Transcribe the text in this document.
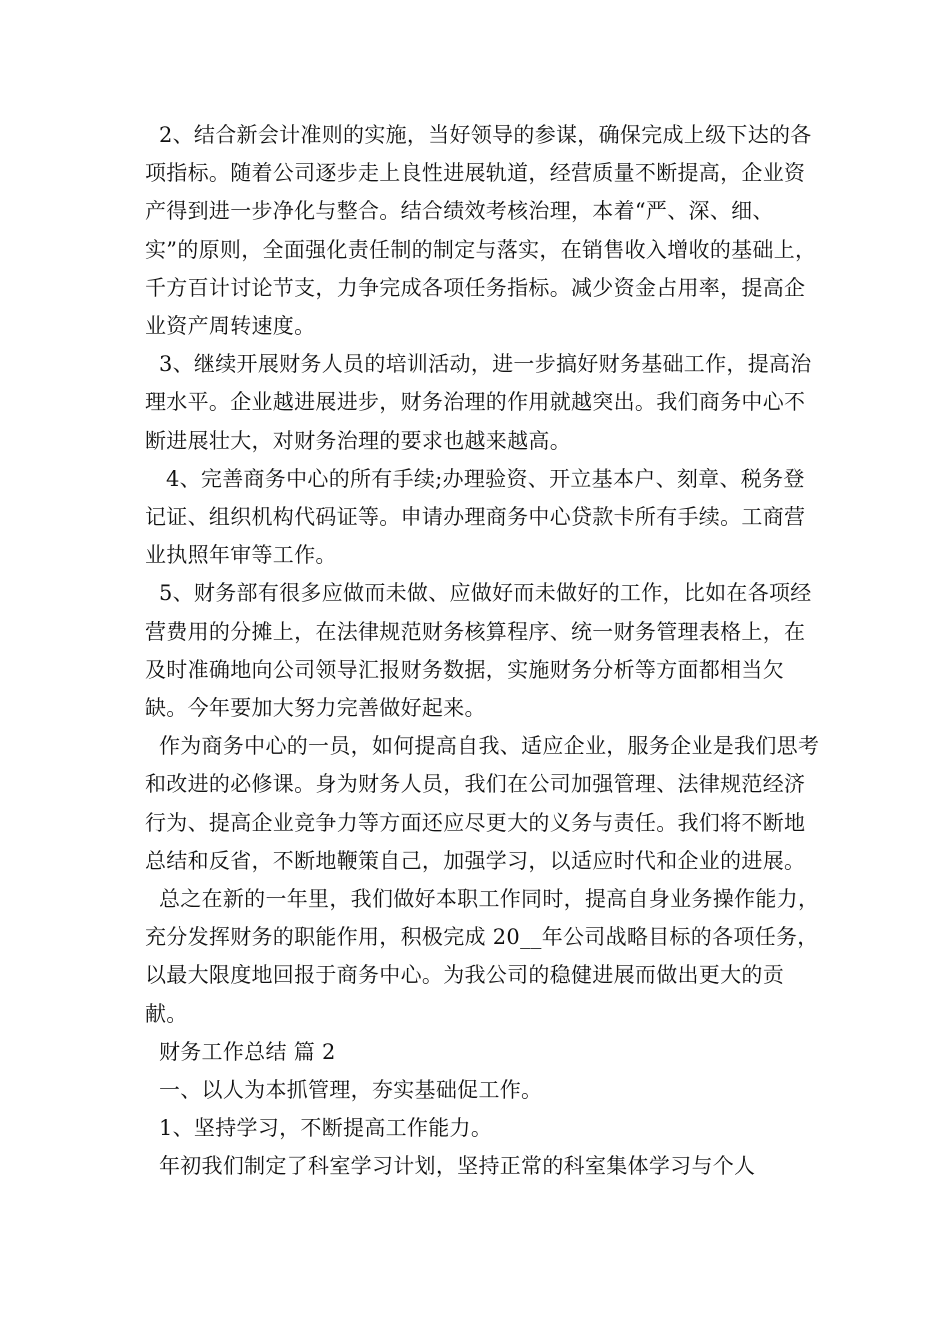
2、结合新会计准则的实施，当好领导的参谋，确保完成上级下达的各项指标。随着公司逐步走上良性进展轨道，经营质量不断提高，企业资产得到进一步净化与整合。结合绩效考核治理，本着“严、深、细、实”的原则，全面强化责任制的制定与落实，在销售收入增收的基础上，千方百计讨论节支，力争完成各项任务指标。减少资金占用率，提高企业资产周转速度。

3、继续开展财务人员的培训活动，进一步搞好财务基础工作，提高治理水平。企业越进展进步，财务治理的作用就越突出。我们商务中心不断进展壮大，对财务治理的要求也越来越高。

4、完善商务中心的所有手续;办理验资、开立基本户、刻章、税务登记证、组织机构代码证等。申请办理商务中心贷款卡所有手续。工商营业执照年审等工作。

5、财务部有很多应做而未做、应做好而未做好的工作，比如在各项经营费用的分摊上，在法律规范财务核算程序、统一财务管理表格上，在及时准确地向公司领导汇报财务数据，实施财务分析等方面都相当欠缺。今年要加大努力完善做好起来。

作为商务中心的一员，如何提高自我、适应企业，服务企业是我们思考和改进的必修课。身为财务人员，我们在公司加强管理、法律规范经济行为、提高企业竞争力等方面还应尽更大的义务与责任。我们将不断地总结和反省，不断地鞭策自己，加强学习，以适应时代和企业的进展。

总之在新的一年里，我们做好本职工作同时，提高自身业务操作能力，充分发挥财务的职能作用，积极完成 20__年公司战略目标的各项任务，以最大限度地回报于商务中心。为我公司的稳健进展而做出更大的贡献。

财务工作总结 篇 2

一、以人为本抓管理，夯实基础促工作。

1、坚持学习，不断提高工作能力。

年初我们制定了科室学习计划，坚持正常的科室集体学习与个人
